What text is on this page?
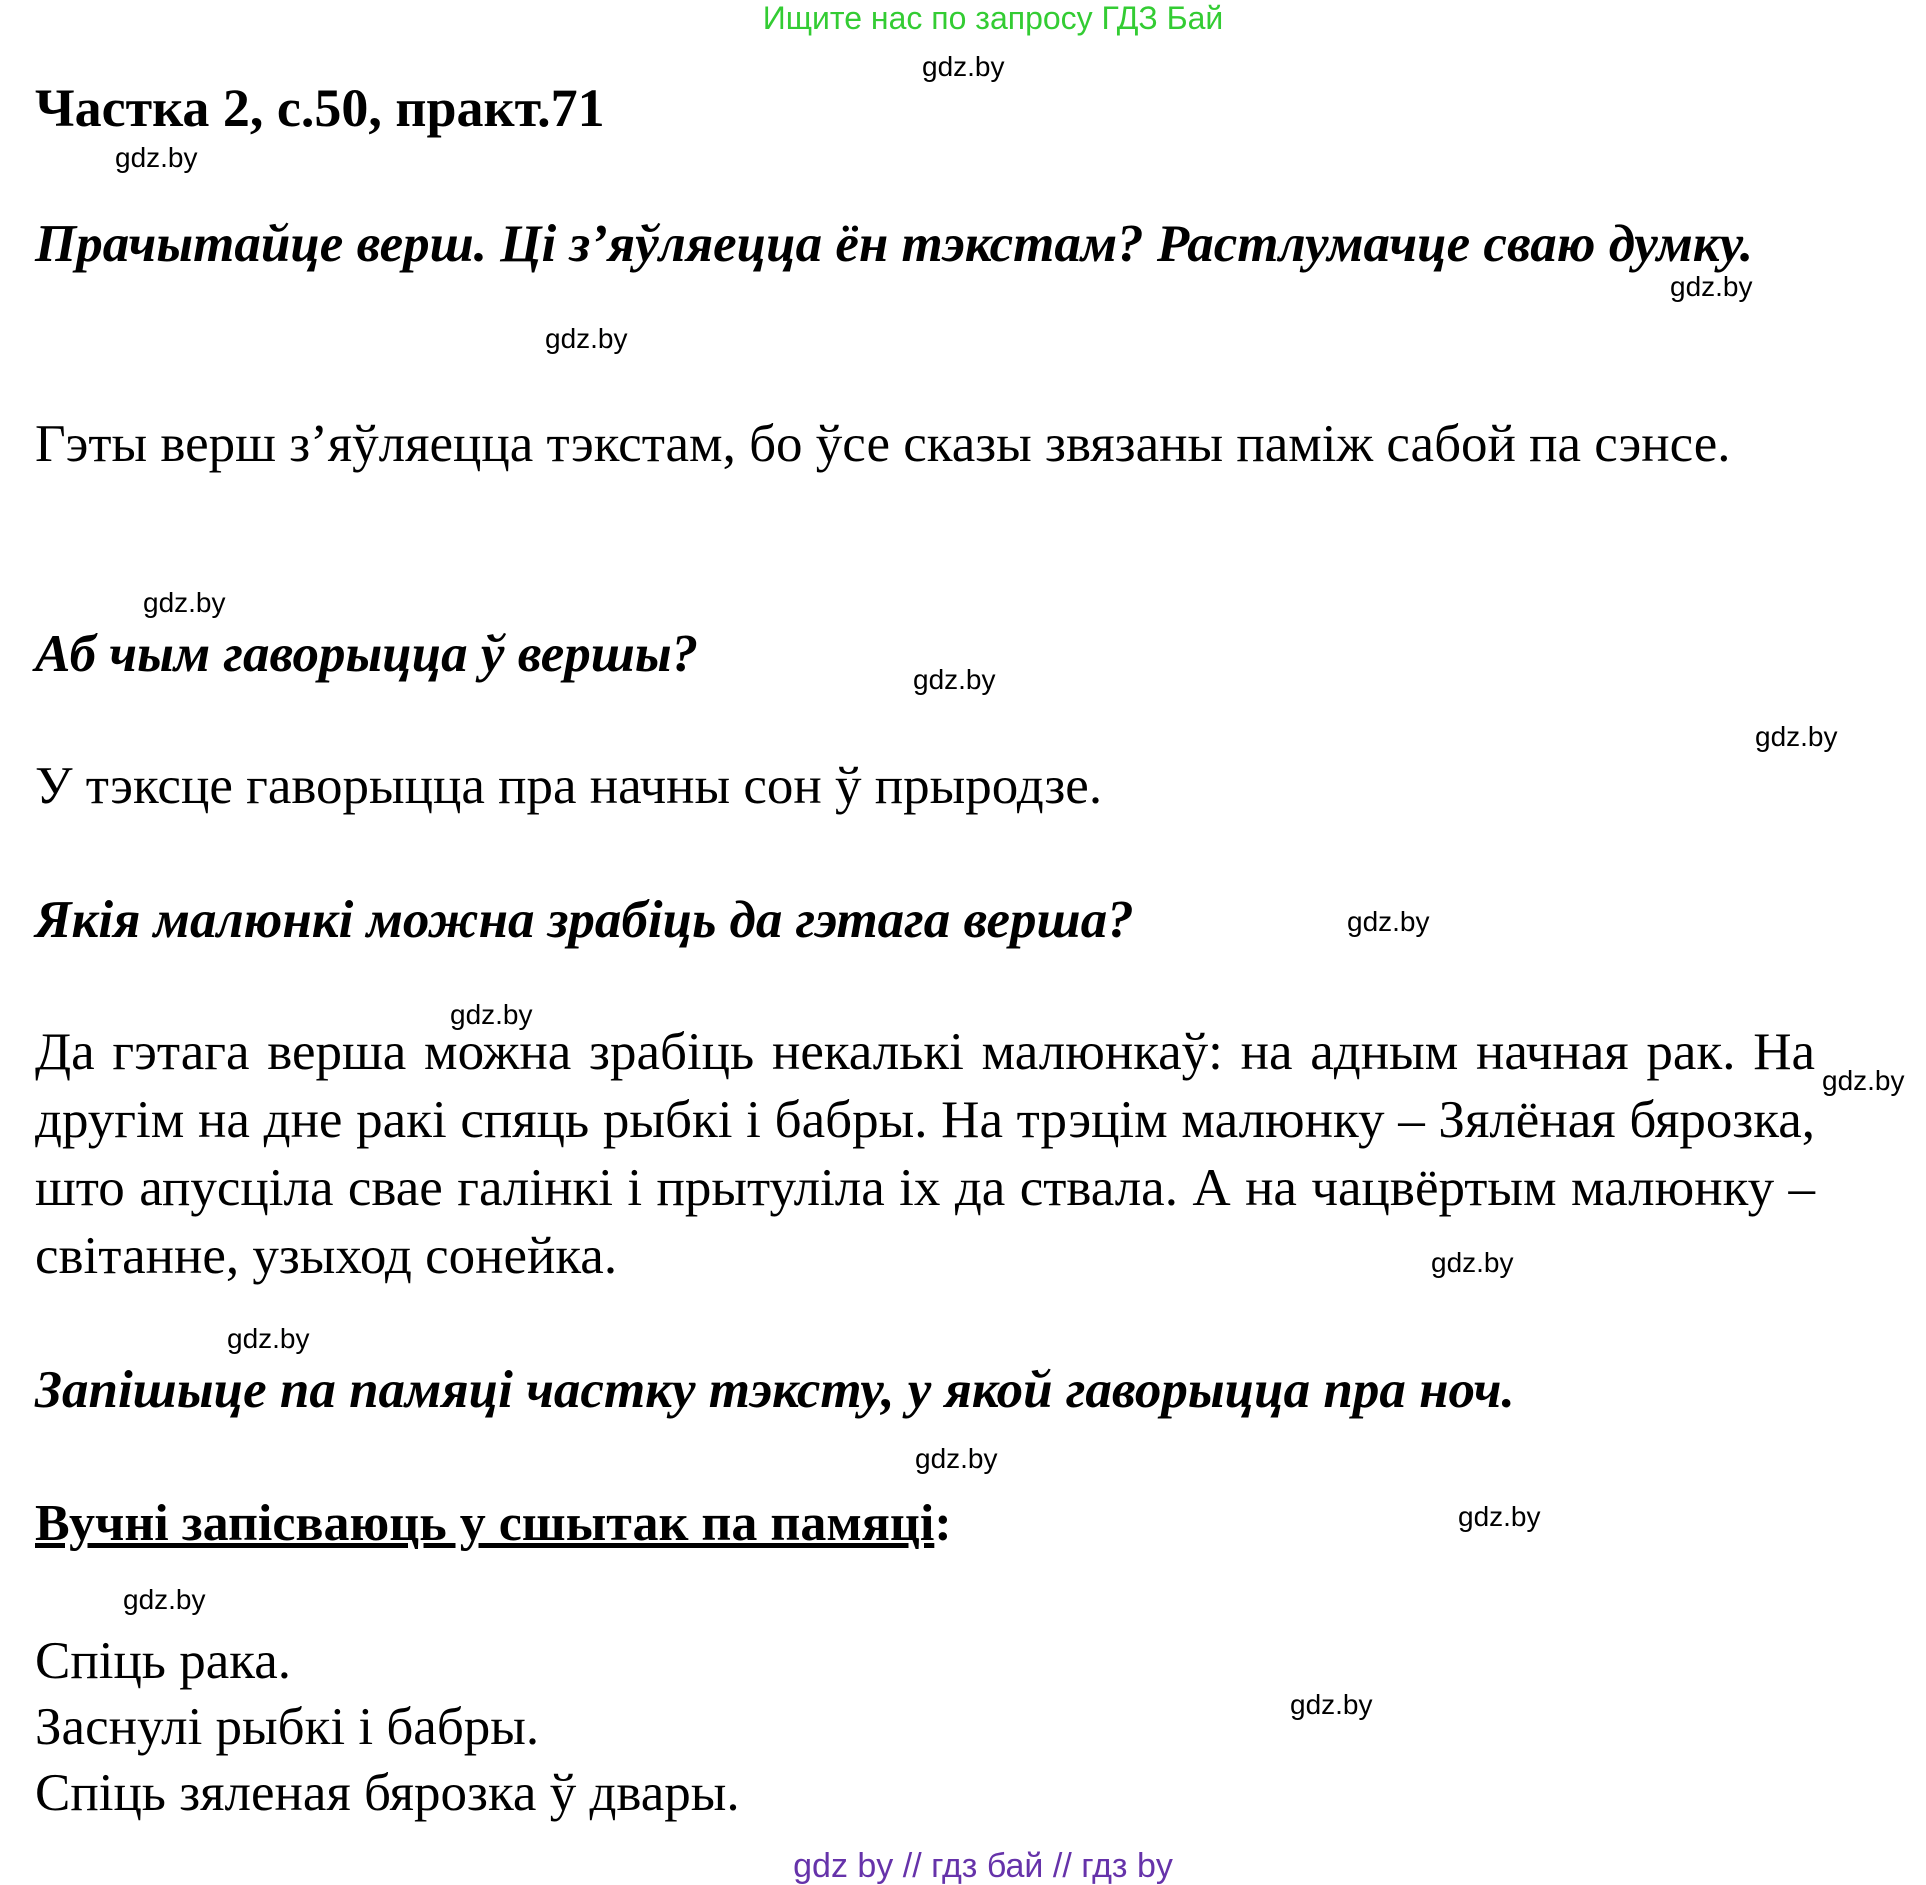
Ищите нас по запросу ГДЗ Бай
Частка 2, с.50, практ.71
Прачытайце верш. Ці з’яўляецца ён тэкстам? Растлумачце сваю думку.
Гэты верш з’яўляецца тэкстам, бо ўсе сказы звязаны паміж сабой па сэнсе.
Аб чым гаворыцца ў вершы?
У тэксце гаворыцца пра начны сон ў прыродзе.
Якія малюнкі можна зрабіць да гэтага верша?
Да гэтага верша можна зрабіць некалькі малюнкаў: на адным начная рак. На другім на дне ракі спяць рыбкі і бабры. На трэцім малюнку – Зялёная бярозка, што апусціла свае галінкі і прытуліла іх да ствала. А на чацвёртым малюнку –світанне, узыход сонейка.
Запішыце па памяці частку тэксту, у якой гаворыцца пра ноч.
Вучні запісваюць у сшытак па памяці:
Спіць рака.
Заснулі рыбкі і бабры.
Спіць зяленая бярозка ў двары.
gdz.by
gdz.by
gdz.by
gdz.by
gdz.by
gdz.by
gdz.by
gdz.by
gdz.by
gdz.by
gdz.by
gdz.by
gdz.by
gdz.by
gdz.by
gdz.by
gdz by // гдз бай // гдз by
